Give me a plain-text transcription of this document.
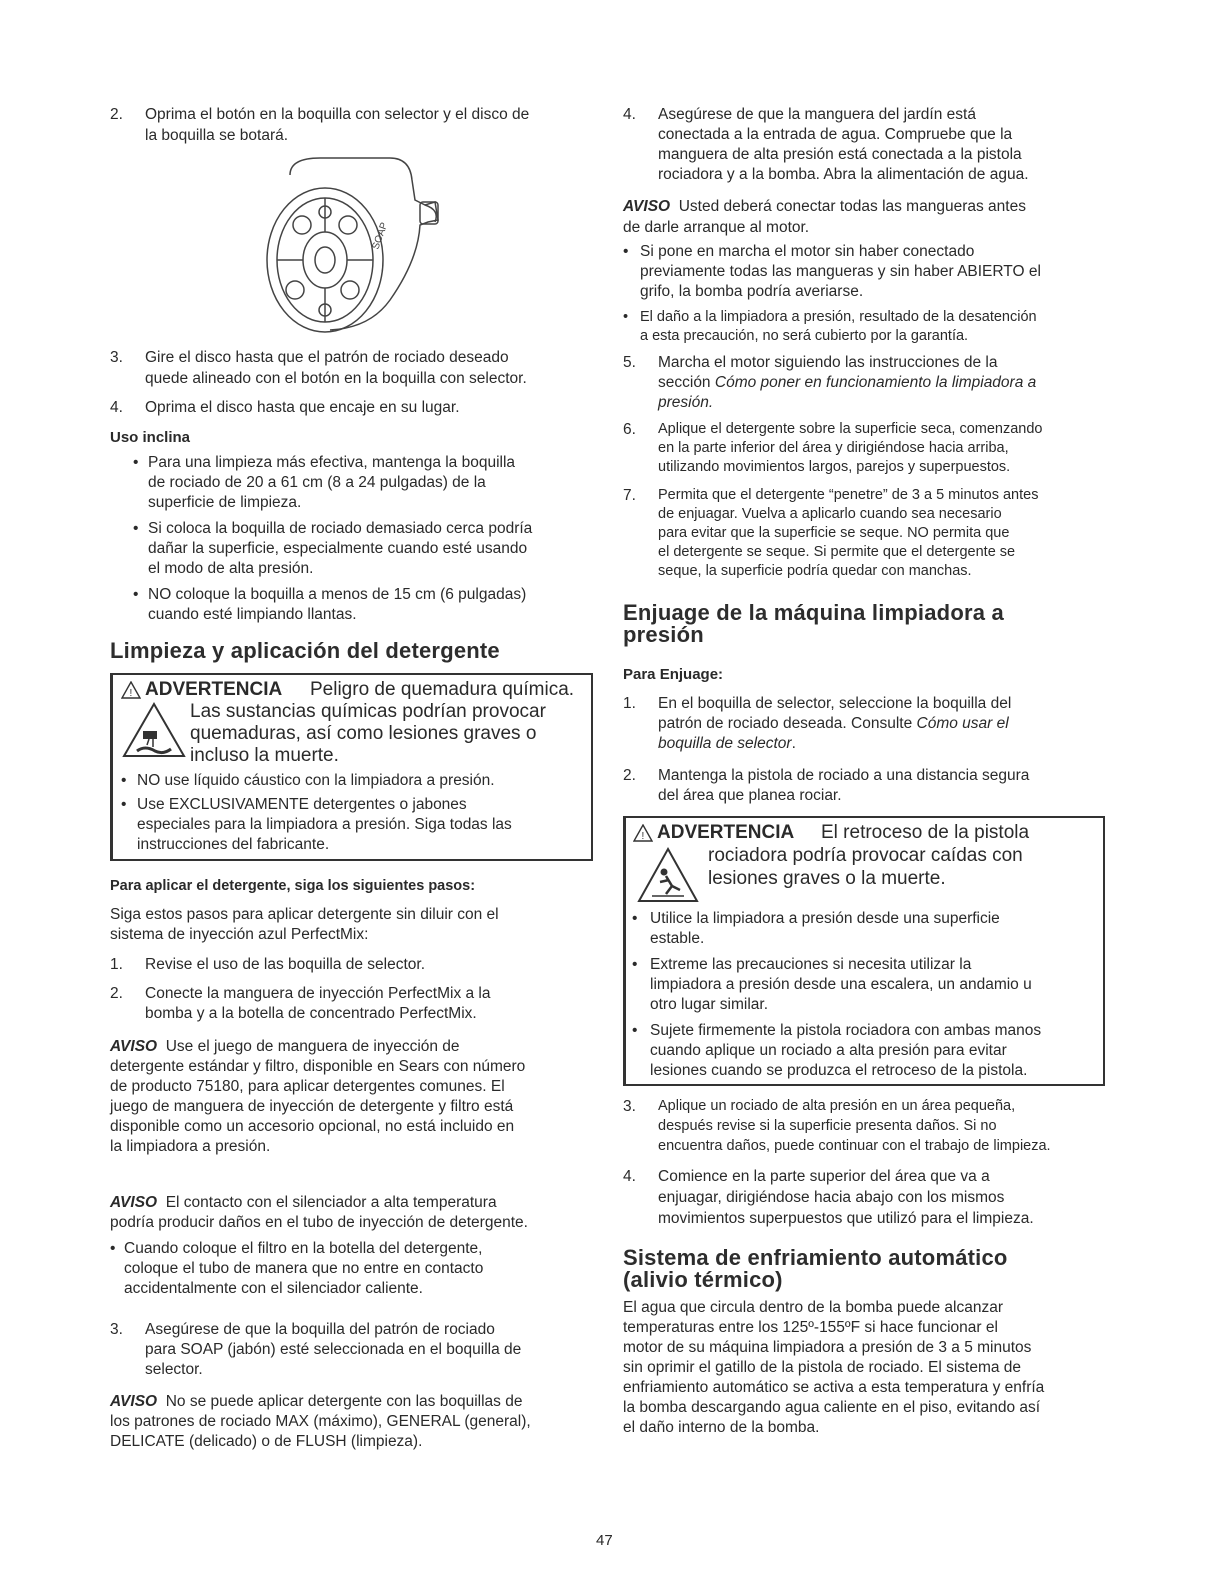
2. Oprima el botón en la boquilla con selector y el disco de
la boquilla se botará.
SOAP
3. Gire el disco hasta que el patrón de rociado deseado
quede alineado con el botón en la boquilla con selector.
4. Oprima el disco hasta que encaje en su lugar.
Uso inclina
• Para una limpieza más efectiva, mantenga la boquilla
de rociado de 20 a 61 cm (8 a 24 pulgadas) de la
superficie de limpieza.
• Si coloca la boquilla de rociado demasiado cerca podría
dañar la superficie, especialmente cuando esté usando
el modo de alta presión.
• NO coloque la boquilla a menos de 15 cm (6 pulgadas)
cuando esté limpiando llantas.
Limpieza y aplicación del detergente
! ADVERTENCIA Peligro de quemadura química.
Las sustancias químicas podrían provocar
quemaduras, así como lesiones graves o
incluso la muerte.
• NO use líquido cáustico con la limpiadora a presión.
• Use EXCLUSIVAMENTE detergentes o jabones
especiales para la limpiadora a presión. Siga todas las
instrucciones del fabricante.
Para aplicar el detergente, siga los siguientes pasos:
Siga estos pasos para aplicar detergente sin diluir con el
sistema de inyección azul PerfectMix:
1. Revise el uso de las boquilla de selector.
2. Conecte la manguera de inyección PerfectMix a la
bomba y a la botella de concentrado PerfectMix.
AVISO Use el juego de manguera de inyección de
detergente estándar y filtro, disponible en Sears con número
de producto 75180, para aplicar detergentes comunes. El
juego de manguera de inyección de detergente y filtro está
disponible como un accesorio opcional, no está incluido en
la limpiadora a presión.
AVISO El contacto con el silenciador a alta temperatura
podría producir daños en el tubo de inyección de detergente.
• Cuando coloque el filtro en la botella del detergente,
coloque el tubo de manera que no entre en contacto
accidentalmente con el silenciador caliente.
3. Asegúrese de que la boquilla del patrón de rociado
para SOAP (jabón) esté seleccionada en el boquilla de
selector.
AVISO No se puede aplicar detergente con las boquillas de
los patrones de rociado MAX (máximo), GENERAL (general),
DELICATE (delicado) o de FLUSH (limpieza).
4. Asegúrese de que la manguera del jardín está
conectada a la entrada de agua. Compruebe que la
manguera de alta presión está conectada a la pistola
rociadora y a la bomba. Abra la alimentación de agua.
AVISO Usted deberá conectar todas las mangueras antes
de darle arranque al motor.
• Si pone en marcha el motor sin haber conectado
previamente todas las mangueras y sin haber ABIERTO el
grifo, la bomba podría averiarse.
• El daño a la limpiadora a presión, resultado de la desatención
a esta precaución, no será cubierto por la garantía.
5. Marcha el motor siguiendo las instrucciones de la
sección Cómo poner en funcionamiento la limpiadora a
presión.
6. Aplique el detergente sobre la superficie seca, comenzando
en la parte inferior del área y dirigiéndose hacia arriba,
utilizando movimientos largos, parejos y superpuestos.
7. Permita que el detergente “penetre” de 3 a 5 minutos antes
de enjuagar. Vuelva a aplicarlo cuando sea necesario
para evitar que la superficie se seque. NO permita que
el detergente se seque. Si permite que el detergente se
seque, la superficie podría quedar con manchas.
Enjuage de la máquina limpiadora a
presión
Para Enjuage:
1. En el boquilla de selector, seleccione la boquilla del
patrón de rociado deseada. Consulte Cómo usar el
boquilla de selector.
2. Mantenga la pistola de rociado a una distancia segura
del área que planea rociar.
! ADVERTENCIA El retroceso de la pistola
rociadora podría provocar caídas con
lesiones graves o la muerte.
• Utilice la limpiadora a presión desde una superficie
estable.
• Extreme las precauciones si necesita utilizar la
limpiadora a presión desde una escalera, un andamio u
otro lugar similar.
• Sujete firmemente la pistola rociadora con ambas manos
cuando aplique un rociado a alta presión para evitar
lesiones cuando se produzca el retroceso de la pistola.
3. Aplique un rociado de alta presión en un área pequeña,
después revise si la superficie presenta daños. Si no
encuentra daños, puede continuar con el trabajo de limpieza.
4. Comience en la parte superior del área que va a
enjuagar, dirigiéndose hacia abajo con los mismos
movimientos superpuestos que utilizó para el limpieza.
Sistema de enfriamiento automático
(alivio térmico)
El agua que circula dentro de la bomba puede alcanzar
temperaturas entre los 125º-155ºF si hace funcionar el
motor de su máquina limpiadora a presión de 3 a 5 minutos
sin oprimir el gatillo de la pistola de rociado. El sistema de
enfriamiento automático se activa a esta temperatura y enfría
la bomba descargando agua caliente en el piso, evitando así
el daño interno de la bomba.
47
